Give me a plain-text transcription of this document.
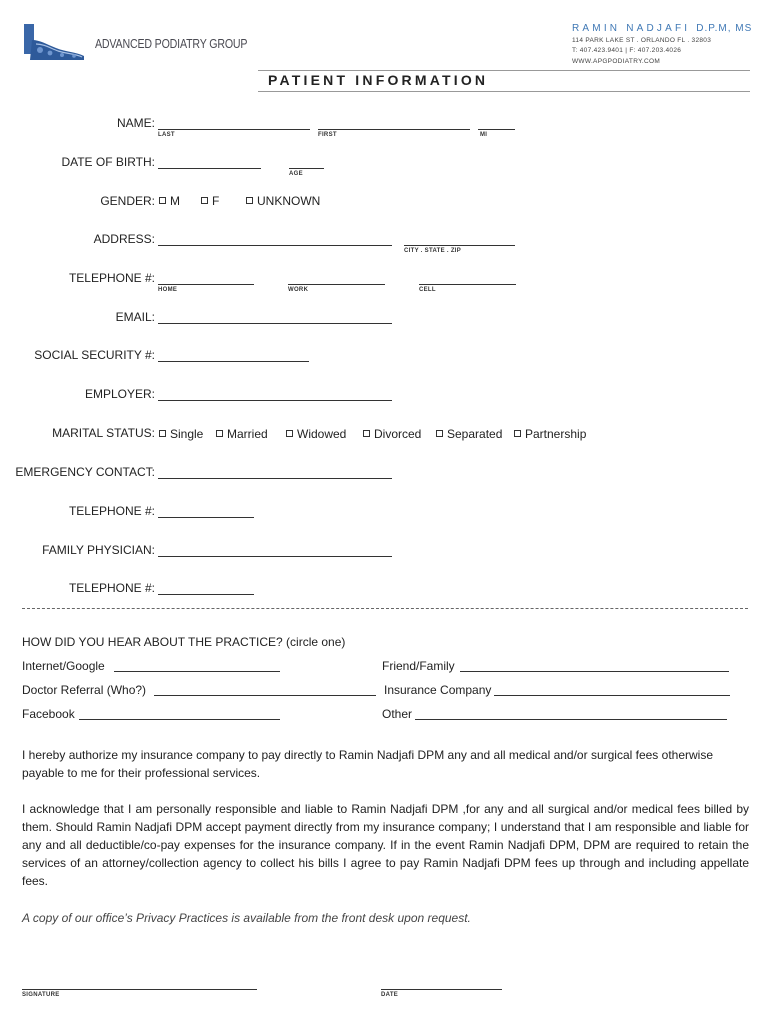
ADVANCED PODIATRY GROUP
RAMIN NADJAFI D.P.M, MS
114 PARK LAKE ST . ORLANDO FL . 32803
T: 407.423.9401 | F: 407.203.4026
WWW.APGPODIATRY.COM
PATIENT INFORMATION
NAME:
LAST	FIRST	MI
DATE OF BIRTH:
AGE
GENDER:	M	F	UNKNOWN
ADDRESS:
CITY . STATE . ZIP
TELEPHONE #:
HOME	WORK	CELL
EMAIL:
SOCIAL SECURITY #:
EMPLOYER:
MARITAL STATUS:	Single	Married	Widowed	Divorced	Separated	Partnership
EMERGENCY CONTACT:
TELEPHONE #:
FAMILY PHYSICIAN:
TELEPHONE #:
HOW DID YOU HEAR ABOUT THE PRACTICE? (circle one)
Internet/Google	Friend/Family
Doctor Referral (Who?)	Insurance Company
Facebook	Other
I hereby authorize my insurance company to pay directly to Ramin Nadjafi DPM any and all medical and/or surgical fees otherwise payable to me for their professional services.
I acknowledge that I am personally responsible and liable to Ramin Nadjafi DPM ,for any and all surgical and/or medical fees billed by them. Should Ramin Nadjafi DPM accept payment directly from my insurance company; I understand that I am responsible and liable for any and all deductible/co-pay expenses for the insurance company. If in the event Ramin Nadjafi DPM, DPM are required to retain the services of an attorney/collection agency to collect his bills I agree to pay Ramin Nadjafi DPM fees up through and including appellate fees.
A copy of our office’s Privacy Practices is available from the front desk upon request.
SIGNATURE	DATE
